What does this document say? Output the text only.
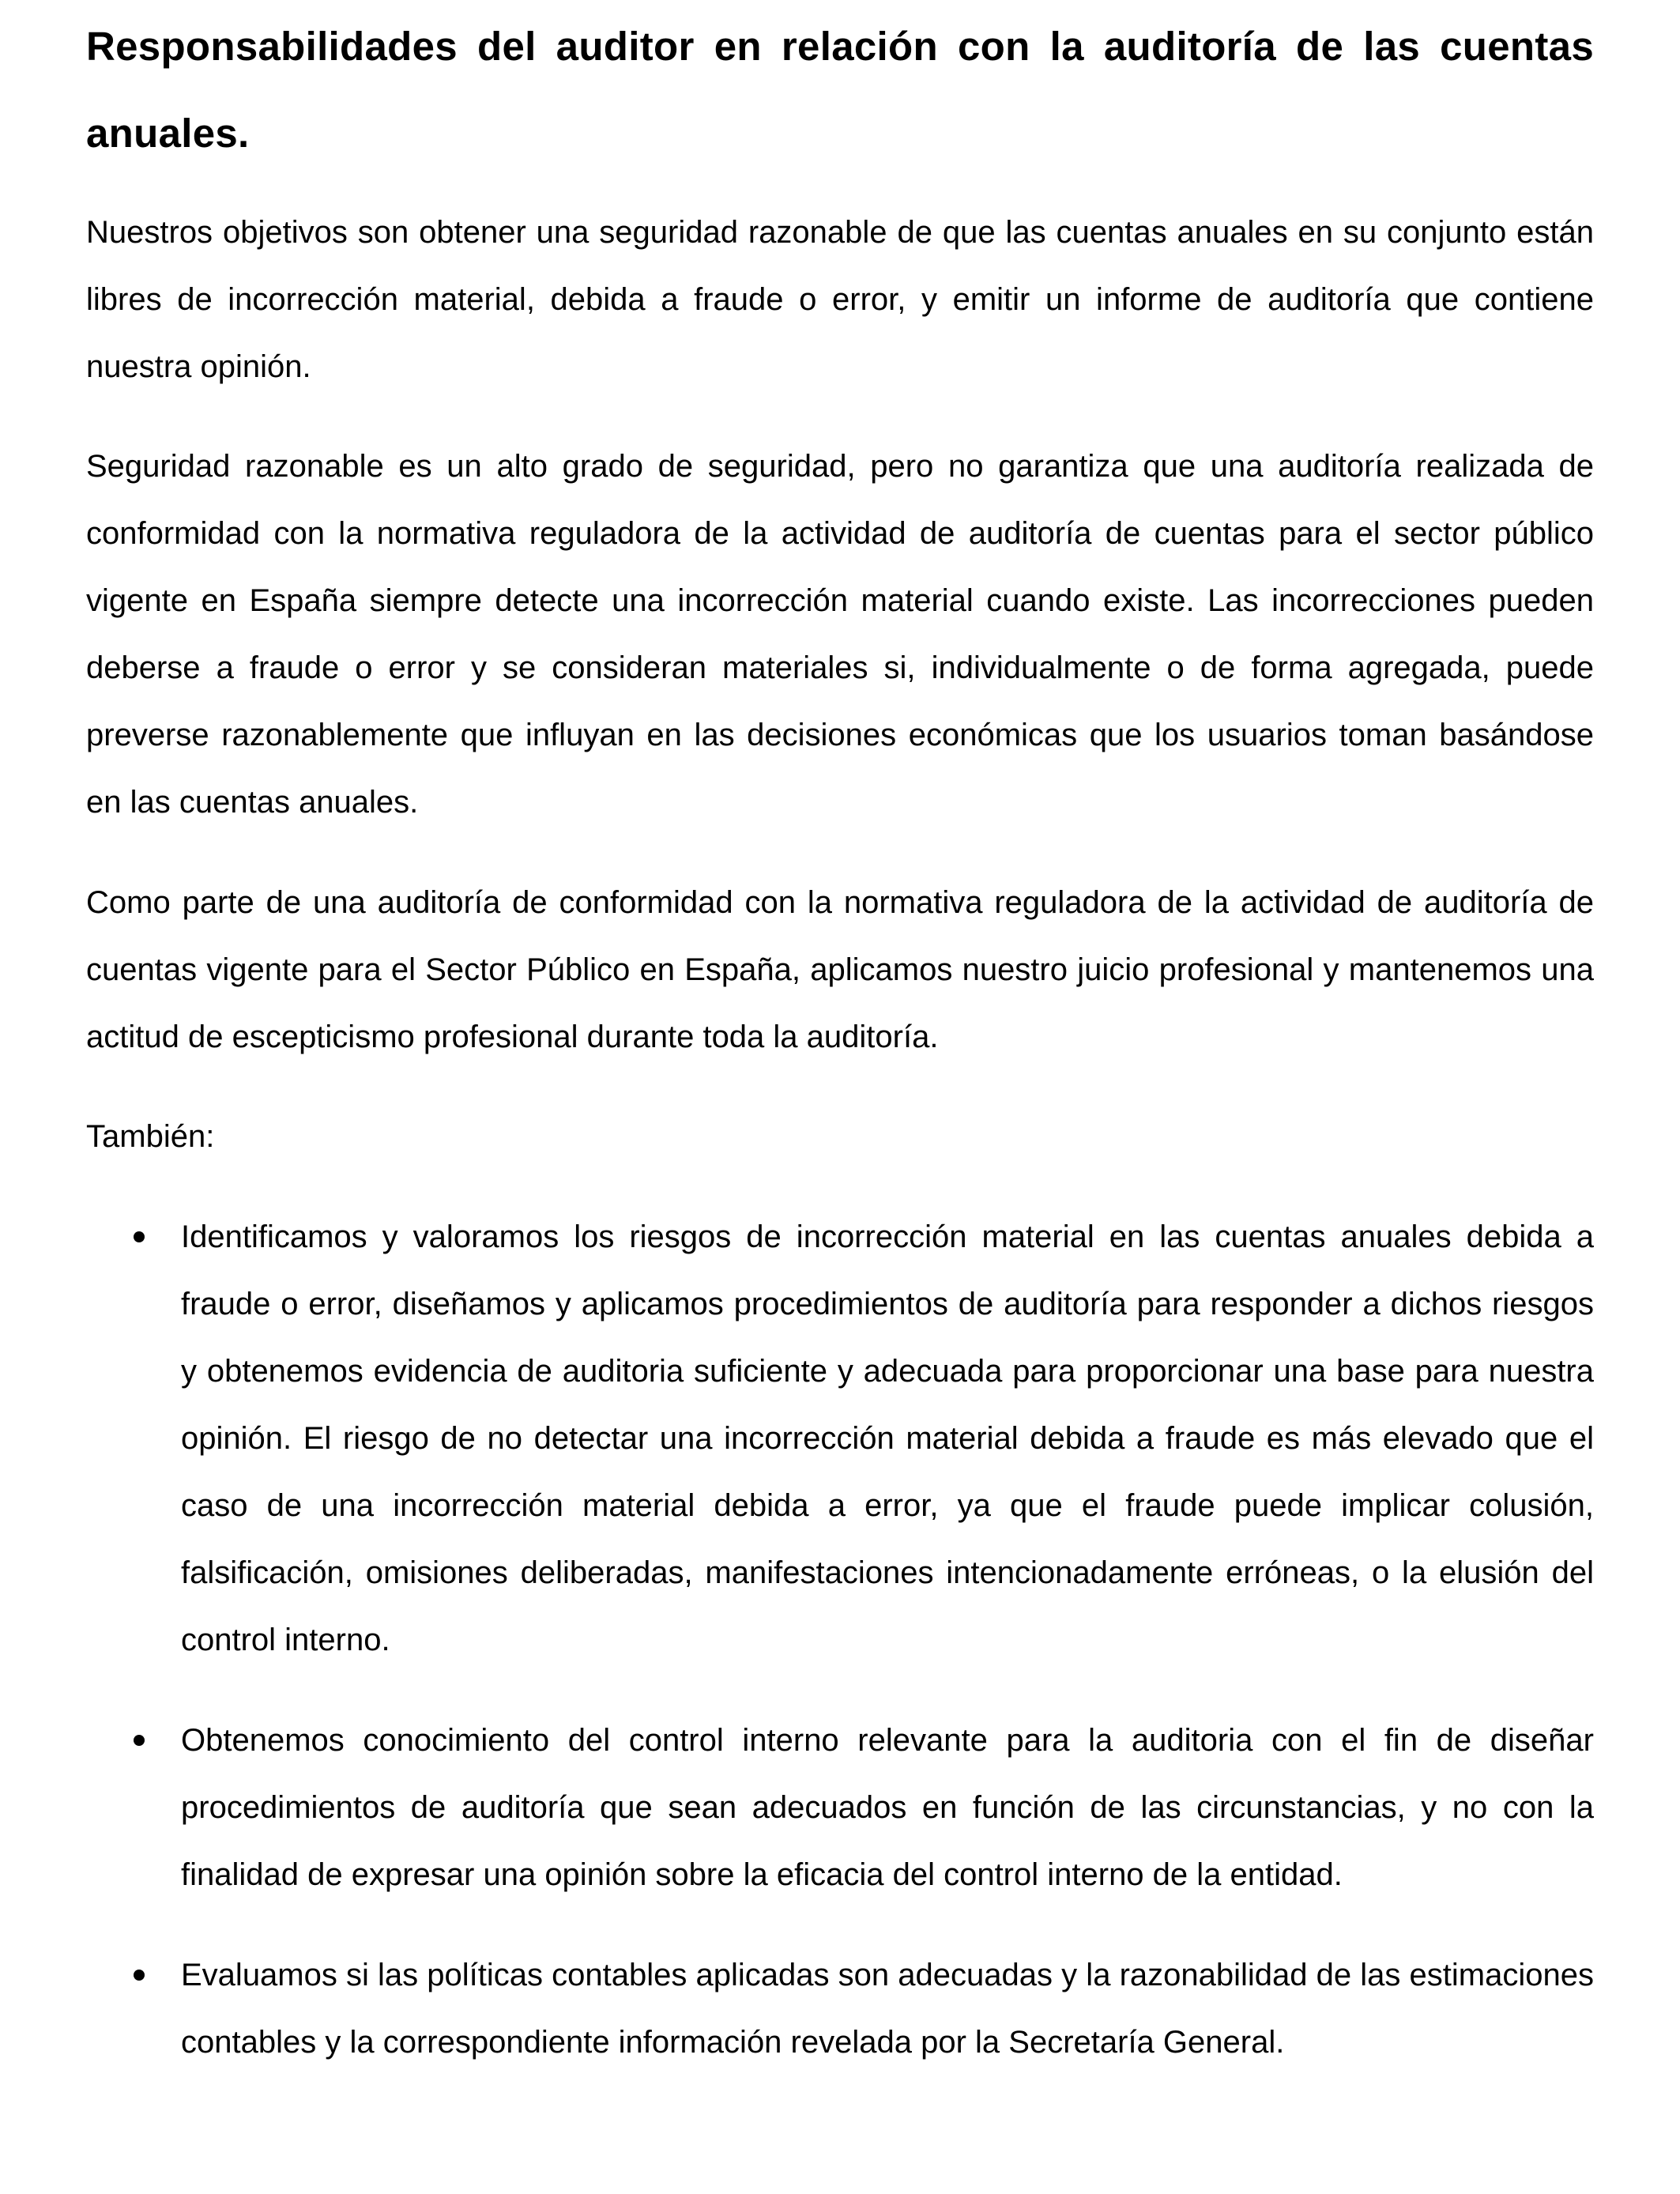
Responsabilidades del auditor en relación con la auditoría de las cuentas anuales.

Nuestros objetivos son obtener una seguridad razonable de que las cuentas anuales en su conjunto están libres de incorrección material, debida a fraude o error, y emitir un informe de auditoría que contiene nuestra opinión.

Seguridad razonable es un alto grado de seguridad, pero no garantiza que una auditoría realizada de conformidad con la normativa reguladora de la actividad de auditoría de cuentas para el sector público vigente en España siempre detecte una incorrección material cuando existe. Las incorrecciones pueden deberse a fraude o error y se consideran materiales si, individualmente o de forma agregada, puede preverse razonablemente que influyan en las decisiones económicas que los usuarios toman basándose en las cuentas anuales.

Como parte de una auditoría de conformidad con la normativa reguladora de la actividad de auditoría de cuentas vigente para el Sector Público en España, aplicamos nuestro juicio profesional y mantenemos una actitud de escepticismo profesional durante toda la auditoría.

También:

Identificamos y valoramos los riesgos de incorrección material en las cuentas anuales debida a fraude o error, diseñamos y aplicamos procedimientos de auditoría para responder a dichos riesgos y obtenemos evidencia de auditoria suficiente y adecuada para proporcionar una base para nuestra opinión. El riesgo de no detectar una incorrección material debida a fraude es más elevado que el caso de una incorrección material debida a error, ya que el fraude puede implicar colusión, falsificación, omisiones deliberadas, manifestaciones intencionadamente erróneas, o la elusión del control interno.
Obtenemos conocimiento del control interno relevante para la auditoria con el fin de diseñar procedimientos de auditoría que sean adecuados en función de las circunstancias, y no con la finalidad de expresar una opinión sobre la eficacia del control interno de la entidad.
Evaluamos si las políticas contables aplicadas son adecuadas y la razonabilidad de las estimaciones contables y la correspondiente información revelada por la Secretaría General.
